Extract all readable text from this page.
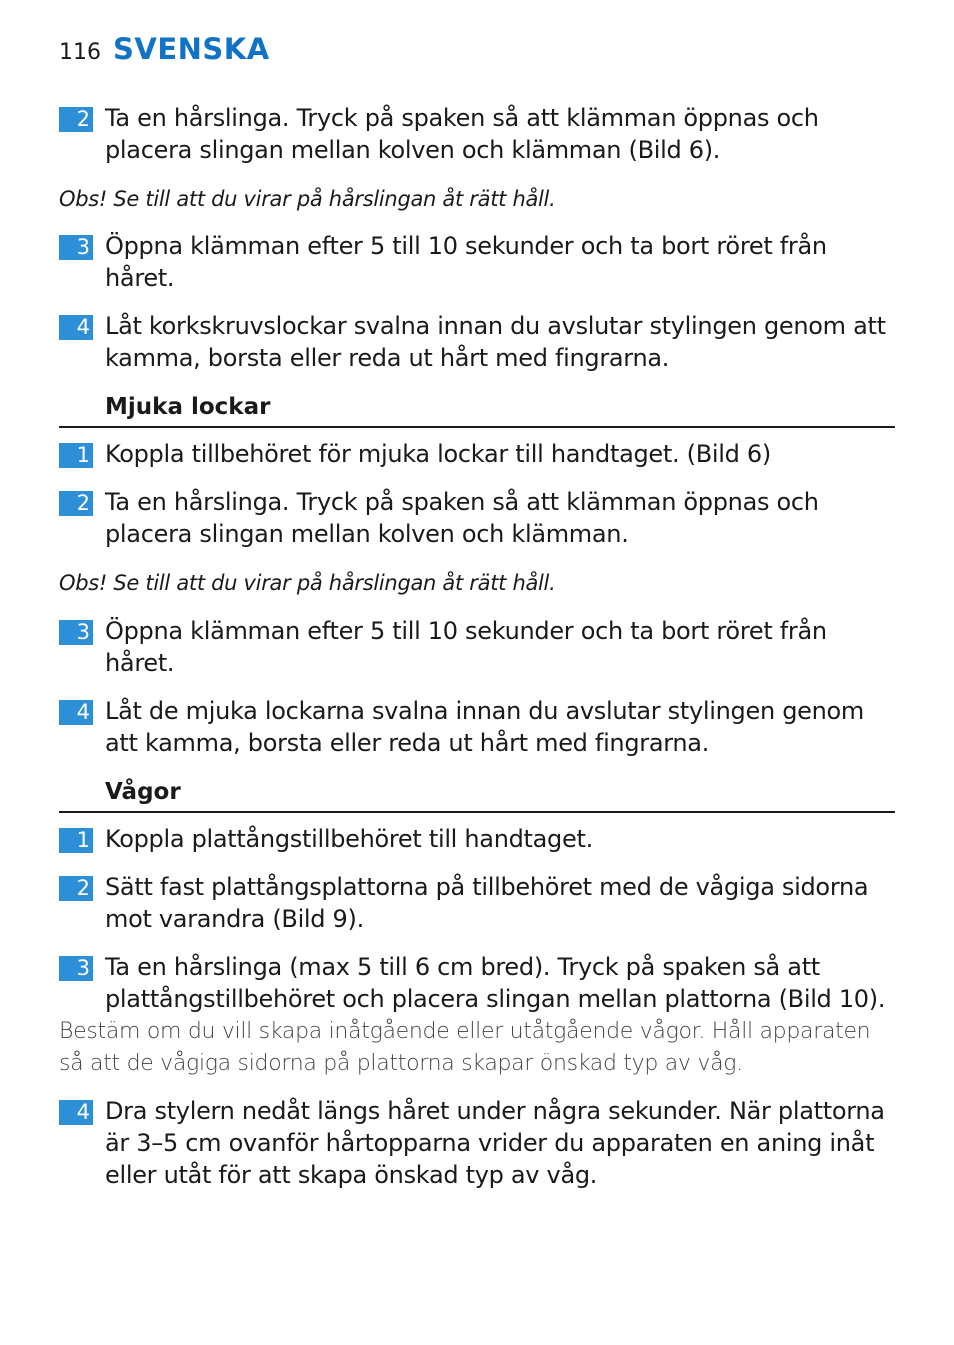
116 SVENSKA
2 Ta en hårslinga. Tryck på spaken så att klämman öppnas och placera slingan mellan kolven och klämman (Bild 6).
Obs! Se till att du virar på hårslingan åt rätt håll.
3 Öppna klämman efter 5 till 10 sekunder och ta bort röret från håret.
4 Låt korkskruvslockar svalna innan du avslutar stylingen genom att kamma, borsta eller reda ut hårt med fingrarna.
Mjuka lockar
1 Koppla tillbehöret för mjuka lockar till handtaget. (Bild 6)
2 Ta en hårslinga. Tryck på spaken så att klämman öppnas och placera slingan mellan kolven och klämman.
Obs! Se till att du virar på hårslingan åt rätt håll.
3 Öppna klämman efter 5 till 10 sekunder och ta bort röret från håret.
4 Låt de mjuka lockarna svalna innan du avslutar stylingen genom att kamma, borsta eller reda ut hårt med fingrarna.
Vågor
1 Koppla plattångstillbehöret till handtaget.
2 Sätt fast plattångsplattorna på tillbehöret med de vågiga sidorna mot varandra (Bild 9).
3 Ta en hårslinga (max 5 till 6 cm bred). Tryck på spaken så att plattångstillbehöret och placera slingan mellan plattorna (Bild 10).
Bestäm om du vill skapa inåtgående eller utåtgående vågor. Håll apparaten så att de vågiga sidorna på plattorna skapar önskad typ av våg.
4 Dra stylern nedåt längs håret under några sekunder. När plattorna är 3–5 cm ovanför hårtopparna vrider du apparaten en aning inåt eller utåt för att skapa önskad typ av våg.
